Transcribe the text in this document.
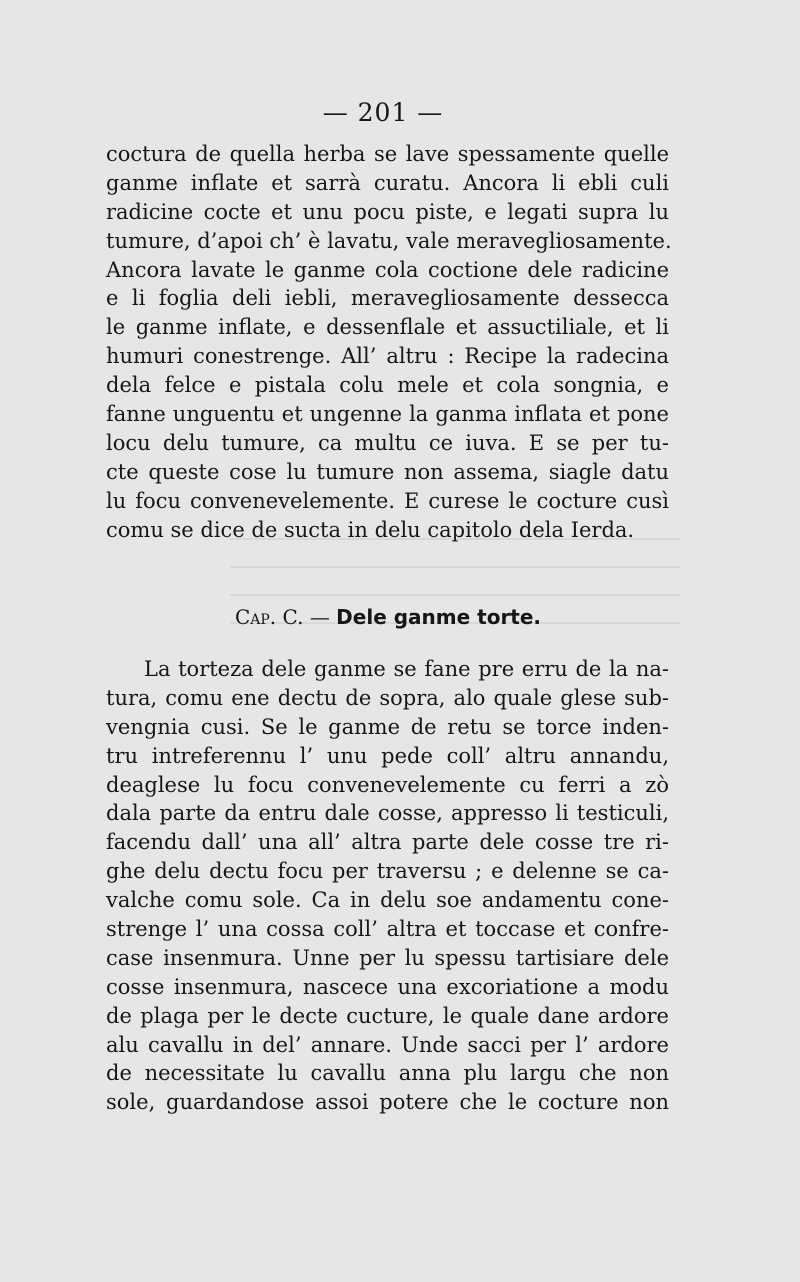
— 201 —
coctura de quella herba se lave spessamente quelle
ganme inflate et sarrà curatu. Ancora li ebli culi
radicine cocte et unu pocu piste, e legati supra lu
tumure, d’apoi ch’ è lavatu, vale meravegliosamente.
Ancora lavate le ganme cola coctione dele radicine
e li foglia deli iebli, meravegliosamente dessecca
le ganme inflate, e dessenflale et assuctiliale, et li
humuri conestrenge. All’ altru : Recipe la radecina
dela felce e pistala colu mele et cola songnia, e
fanne unguentu et ungenne la ganma inflata et pone
locu delu tumure, ca multu ce iuva. E se per tu-
cte queste cose lu tumure non assema, siagle datu
lu focu convenevelemente. E curese le cocture cusì
comu se dice de sucta in delu capitolo dela Ierda.
Cap. C. — Dele ganme torte.
La torteza dele ganme se fane pre erru de la na-
tura, comu ene dectu de sopra, alo quale glese sub-
vengnia cusi. Se le ganme de retu se torce inden-
tru intreferennu l’ unu pede coll’ altru annandu,
deaglese lu focu convenevelemente cu ferri a zò
dala parte da entru dale cosse, appresso li testiculi,
facendu dall’ una all’ altra parte dele cosse tre ri-
ghe delu dectu focu per traversu ; e delenne se ca-
valche comu sole. Ca in delu soe andamentu cone-
strenge l’ una cossa coll’ altra et toccase et confre-
case insenmura. Unne per lu spessu tartisiare dele
cosse insenmura, nascece una excoriatione a modu
de plaga per le decte cucture, le quale dane ardore
alu cavallu in del’ annare. Unde sacci per l’ ardore
de necessitate lu cavallu anna plu largu che non
sole, guardandose assoi potere che le cocture non
